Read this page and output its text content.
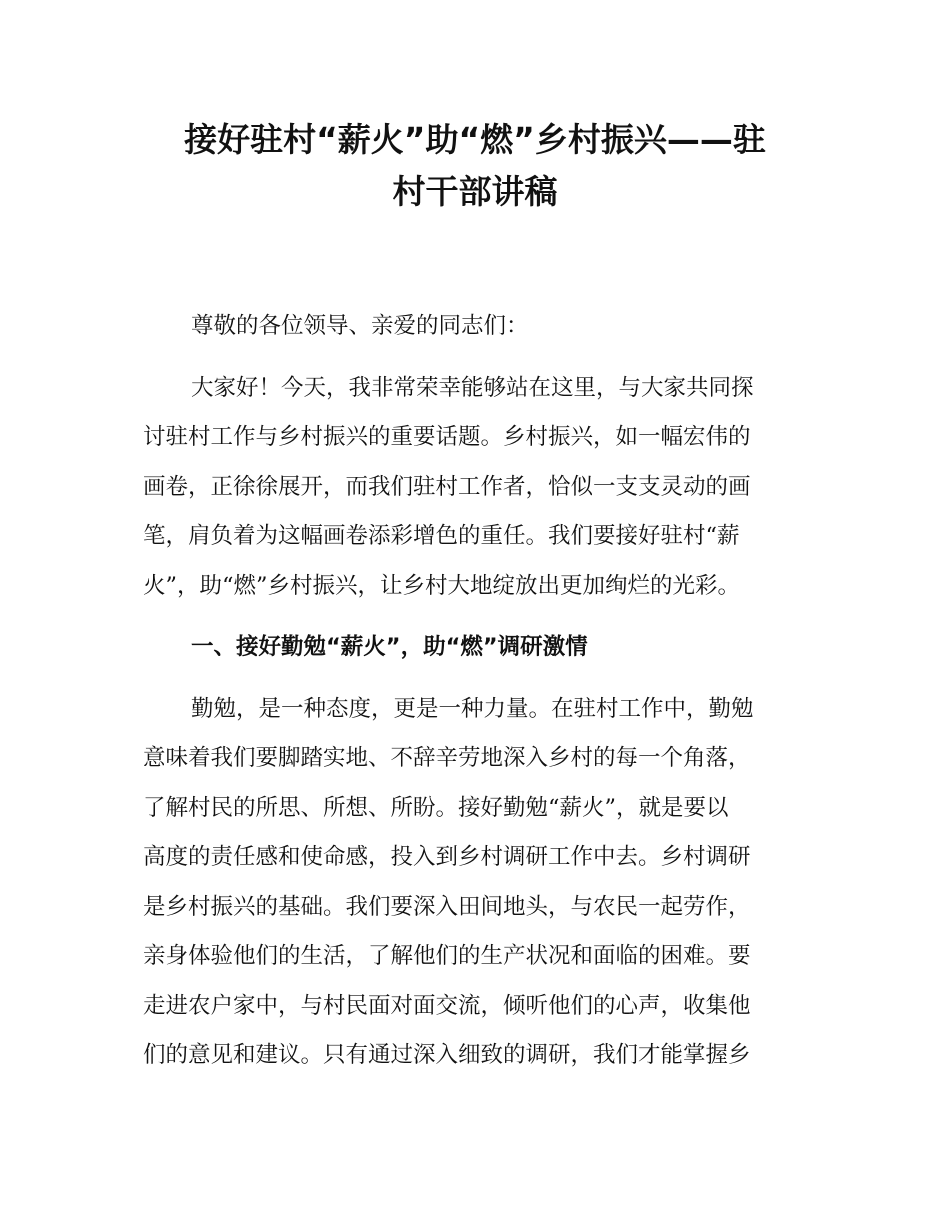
接好驻村“薪火”助“燃”乡村振兴——驻
村干部讲稿

尊敬的各位领导、亲爱的同志们：

大家好！今天，我非常荣幸能够站在这里，与大家共同探
讨驻村工作与乡村振兴的重要话题。乡村振兴，如一幅宏伟的
画卷，正徐徐展开，而我们驻村工作者，恰似一支支灵动的画
笔，肩负着为这幅画卷添彩增色的重任。我们要接好驻村“薪
火”，助“燃”乡村振兴，让乡村大地绽放出更加绚烂的光彩。

一、接好勤勉“薪火”，助“燃”调研激情

勤勉，是一种态度，更是一种力量。在驻村工作中，勤勉
意味着我们要脚踏实地、不辞辛劳地深入乡村的每一个角落，
了解村民的所思、所想、所盼。接好勤勉“薪火”，就是要以
高度的责任感和使命感，投入到乡村调研工作中去。乡村调研
是乡村振兴的基础。我们要深入田间地头，与农民一起劳作，
亲身体验他们的生活，了解他们的生产状况和面临的困难。要
走进农户家中，与村民面对面交流，倾听他们的心声，收集他
们的意见和建议。只有通过深入细致的调研，我们才能掌握乡
